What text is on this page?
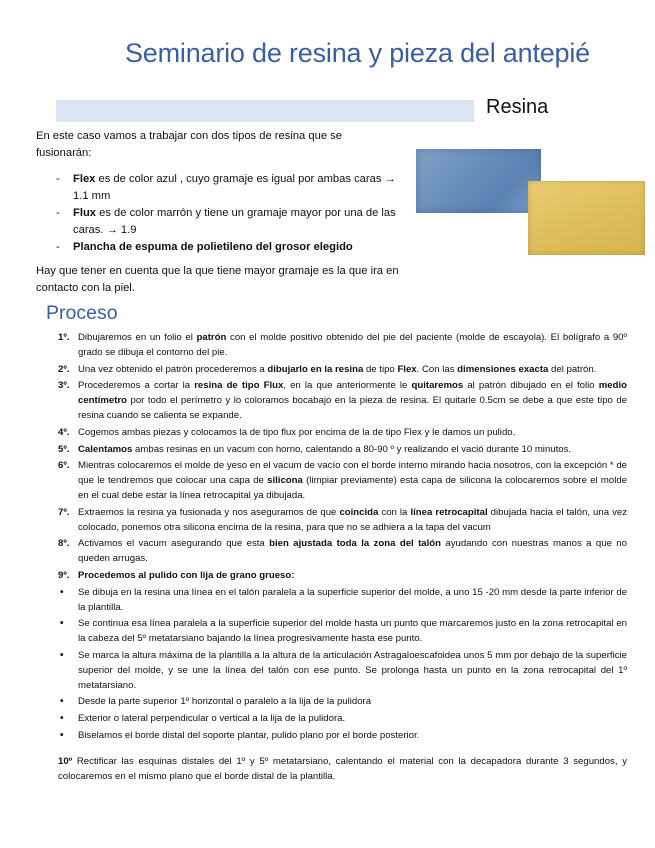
Seminario de resina y pieza del antepié
Resina
En este caso vamos a trabajar con dos tipos de resina que se fusionarán:
- Flex es de color azul , cuyo gramaje es igual por ambas caras → 1.1 mm
- Flux es de color marrón y tiene un gramaje mayor por una de las caras. → 1.9
- Plancha de espuma de polietileno del grosor elegido
Hay que tener en cuenta que la que tiene mayor gramaje es la que ira en contacto con la piel.
Proceso
1º. Dibujaremos en un folio el patrón con el molde positivo obtenido del pie del paciente (molde de escayola). El bolígrafo a 90º grado se dibuja el contorno del pie.
2º. Una vez obtenido el patrón procederemos a dibujarlo en la resina de tipo Flex. Con las dimensiones exacta del patrón.
3º. Procederemos a cortar la resina de tipo Flux, en la que anteriormente le quitaremos al patrón dibujado en el folio medio centímetro por todo el perímetro y lo coloramos bocabajo en la pieza de resina. El quitarle 0.5cm se debe a que este tipo de resina cuando se calienta se expande.
4º. Cogemos ambas piezas y colocamos la de tipo flux por encima de la de tipo Flex y le damos un pulido.
5º. Calentamos ambas resinas en un vacum con horno, calentando a 80-90 º y realizando el vació durante 10 minutos.
6º. Mientras colocaremos el molde de yeso en el vacum de vacío con el borde interno mirando hacia nosotros, con la excepción * de que le tendremos que colocar una capa de silicona (limpiar previamente) esta capa de silicona la colocaremos sobre el molde en el cual debe estar la línea retrocapital ya dibujada.
7º. Extraemos la resina ya fusionada y nos aseguramos de que coincida con la línea retrocapital dibujada hacia el talón, una vez colocado, ponemos otra silicona encima de la resina, para que no se adhiera a la tapa del vacum
8º. Activamos el vacum asegurando que esta bien ajustada toda la zona del talón ayudando con nuestras manos a que no queden arrugas.
9º. Procedemos al pulido con lija de grano grueso:
• Se dibuja en la resina una línea en el talón paralela a la superficie superior del molde, a uno 15 -20 mm desde la parte inferior de la plantilla.
• Se continua esa línea paralela a la superficie superior del molde hasta un punto que marcaremos justo en la zona retrocapital en la cabeza del 5º metatarsiano bajando la línea progresivamente hasta ese punto.
• Se marca la altura máxima de la plantilla a la altura de la articulación Astragaloescafoidea unos 5 mm por debajo de la superficie superior del molde, y se une la línea del talón con ese punto. Se prolonga hasta un punto en la zona retrocapital del 1º metatarsiano.
• Desde la parte superior 1º horizontal o paralelo a la lija de la pulidora
• Exterior o lateral perpendicular o vertical a la lija de la pulidora.
• Biselamos el borde distal del soporte plantar, pulido plano por el borde posterior.
10º Rectificar las esquinas distales del 1º y 5º metatarsiano, calentando el material con la decapadora durante 3 segundos, y colocaremos en el mismo plano que el borde distal de la plantilla.
